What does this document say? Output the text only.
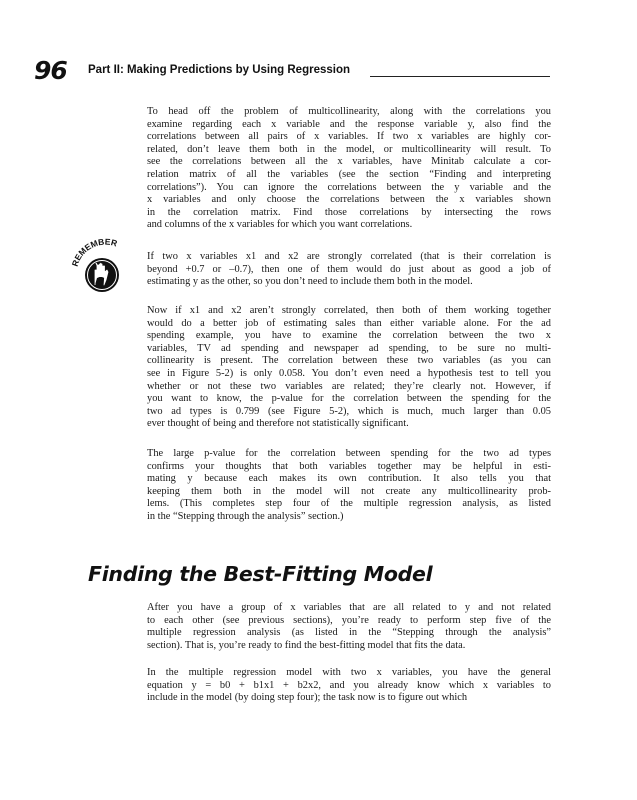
96 Part II: Making Predictions by Using Regression
To head off the problem of multicollinearity, along with the correlations you
examine regarding each x variable and the response variable y, also find the
correlations between all pairs of x variables. If two x variables are highly cor-
related, don’t leave them both in the model, or multicollinearity will result. To
see the correlations between all the x variables, have Minitab calculate a cor-
relation matrix of all the variables (see the section “Finding and interpreting
correlations”). You can ignore the correlations between the y variable and the
x variables and only choose the correlations between the x variables shown
in the correlation matrix. Find those correlations by intersecting the rows
and columns of the x variables for which you want correlations.
REMEMBER
If two x variables x1 and x2 are strongly correlated (that is their correlation is
beyond +0.7 or –0.7), then one of them would do just about as good a job of
estimating y as the other, so you don’t need to include them both in the model.
Now if x1 and x2 aren’t strongly correlated, then both of them working together
would do a better job of estimating sales than either variable alone. For the ad
spending example, you have to examine the correlation between the two x
variables, TV ad spending and newspaper ad spending, to be sure no multi-
collinearity is present. The correlation between these two variables (as you can
see in Figure 5-2) is only 0.058. You don’t even need a hypothesis test to tell you
whether or not these two variables are related; they’re clearly not. However, if
you want to know, the p-value for the correlation between the spending for the
two ad types is 0.799 (see Figure 5-2), which is much, much larger than 0.05
ever thought of being and therefore not statistically significant.
The large p-value for the correlation between spending for the two ad types
confirms your thoughts that both variables together may be helpful in esti-
mating y because each makes its own contribution. It also tells you that
keeping them both in the model will not create any multicollinearity prob-
lems. (This completes step four of the multiple regression analysis, as listed
in the “Stepping through the analysis” section.)
Finding the Best-Fitting Model
After you have a group of x variables that are all related to y and not related
to each other (see previous sections), you’re ready to perform step five of the
multiple regression analysis (as listed in the “Stepping through the analysis”
section). That is, you’re ready to find the best-fitting model that fits the data.
In the multiple regression model with two x variables, you have the general
equation y = b0 + b1x1 + b2x2, and you already know which x variables to
include in the model (by doing step four); the task now is to figure out which
